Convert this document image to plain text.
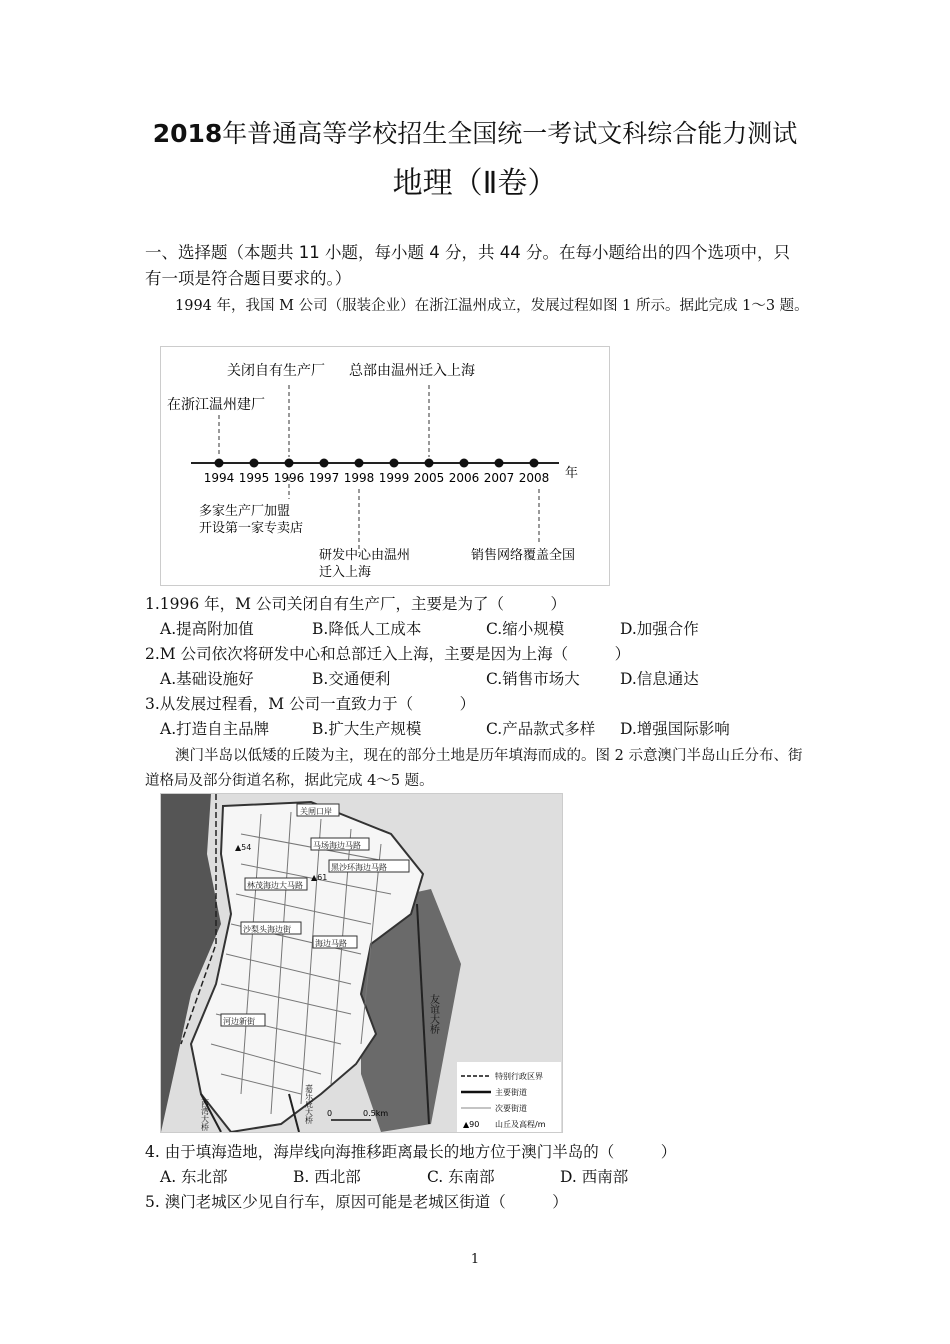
2018年普通高等学校招生全国统一考试文科综合能力测试
地理（Ⅱ卷）
一、选择题（本题共 11 小题，每小题 4 分，共 44 分。在每小题给出的四个选项中，只有一项是符合题目要求的。）
1994 年，我国 M 公司（服装企业）在浙江温州成立，发展过程如图 1 所示。据此完成 1～3 题。
1994 1995 1996 1997 1998 1999 2005 2006 2007 2008
在浙江温州建厂
关闭自有生产厂 总部由温州迁入上海
年
多家生产厂加盟
开设第一家专卖店
研发中心由温州
迁入上海
销售网络覆盖全国
1.1996 年，M 公司关闭自有生产厂，主要是为了（　　　）
A.提高附加值	B.降低人工成本	C.缩小规模	D.加强合作
2.M 公司依次将研发中心和总部迁入上海，主要是因为上海（　　　）
A.基础设施好	B.交通便利	C.销售市场大	D.信息通达
3.从发展过程看，M 公司一直致力于（　　　）
A.打造自主品牌	B.扩大生产规模	C.产品款式多样 D.增强国际影响
澳门半岛以低矮的丘陵为主，现在的部分土地是历年填海而成的。图 2 示意澳门半岛山丘分布、街道格局及部分街道名称，据此完成 4～5 题。
关闸口岸
马场海边马路
黑沙环海边马路
林茂海边大马路
沙梨头海边街
海边马路
河边新街
▲54
▲61
友谊大桥
嘉乐庇大桥
西湾大桥	0	0.5km
特别行政区界
主要街道
次要街道
▲90 山丘及高程/m
4. 由于填海造地，海岸线向海推移距离最长的地方位于澳门半岛的（　　　）
A. 东北部	B. 西北部	C. 东南部	D. 西南部
5. 澳门老城区少见自行车，原因可能是老城区街道（　　　）
1
